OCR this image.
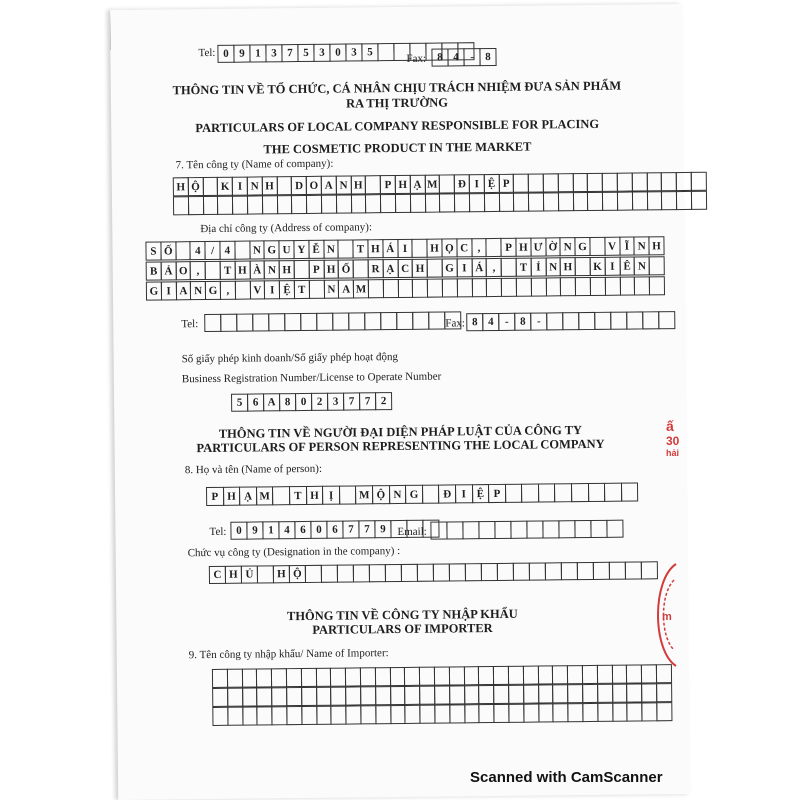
Tel: 0 9 1 3 7 5 3 0 3 5
Fax:	8 4	-	8
THÔNG TIN VỀ TỔ CHỨC, CÁ NHÂN CHỊU TRÁCH NHIỆM ĐƯA SẢN PHẨM
RA THỊ TRƯỜNG
PARTICULARS OF LOCAL COMPANY RESPONSIBLE FOR PLACING
THE COSMETIC PRODUCT IN THE MARKET
7. Tên công ty (Name of company):
H Ộ	K I N H	D O A N H	P H Ạ M	Đ I Ệ P
Địa chỉ công ty (Address of company):
S Ố	4 / 4	N G U Y Ễ N	T H Á I	H Ọ C ,	P H Ư Ờ N G	V Ĩ N H
B Ả O ,	T H À N H	P H Ố	R Ạ C H	G I Á ,	T Ỉ N H	K I Ê N
G I A N G ,	V I Ệ T	N A M
Tel:	Fax: 8 4	-	8	-
Số giấy phép kinh doanh/Số giấy phép hoạt động
Business Registration Number/License to Operate Number
5 6 A 8 0 2 3 7 7 2
THÔNG TIN VỀ NGƯỜI ĐẠI DIỆN PHÁP LUẬT CỦA CÔNG TY
PARTICULARS OF PERSON REPRESENTING THE LOCAL COMPANY
8. Họ và tên (Name of person):
P H Ạ M	T H Ị	M Ộ N G	Đ I Ệ P
Tel: 0 9 1 4 6 0 6 7 7 9	Email:
Chức vụ công ty (Designation in the company) :
C H Ủ	H Ộ
THÔNG TIN VỀ CÔNG TY NHẬP KHẨU
PARTICULARS OF IMPORTER
9. Tên công ty nhập khẩu/ Name of Importer:
ấ
30
hải
m
Scanned with CamScanner
